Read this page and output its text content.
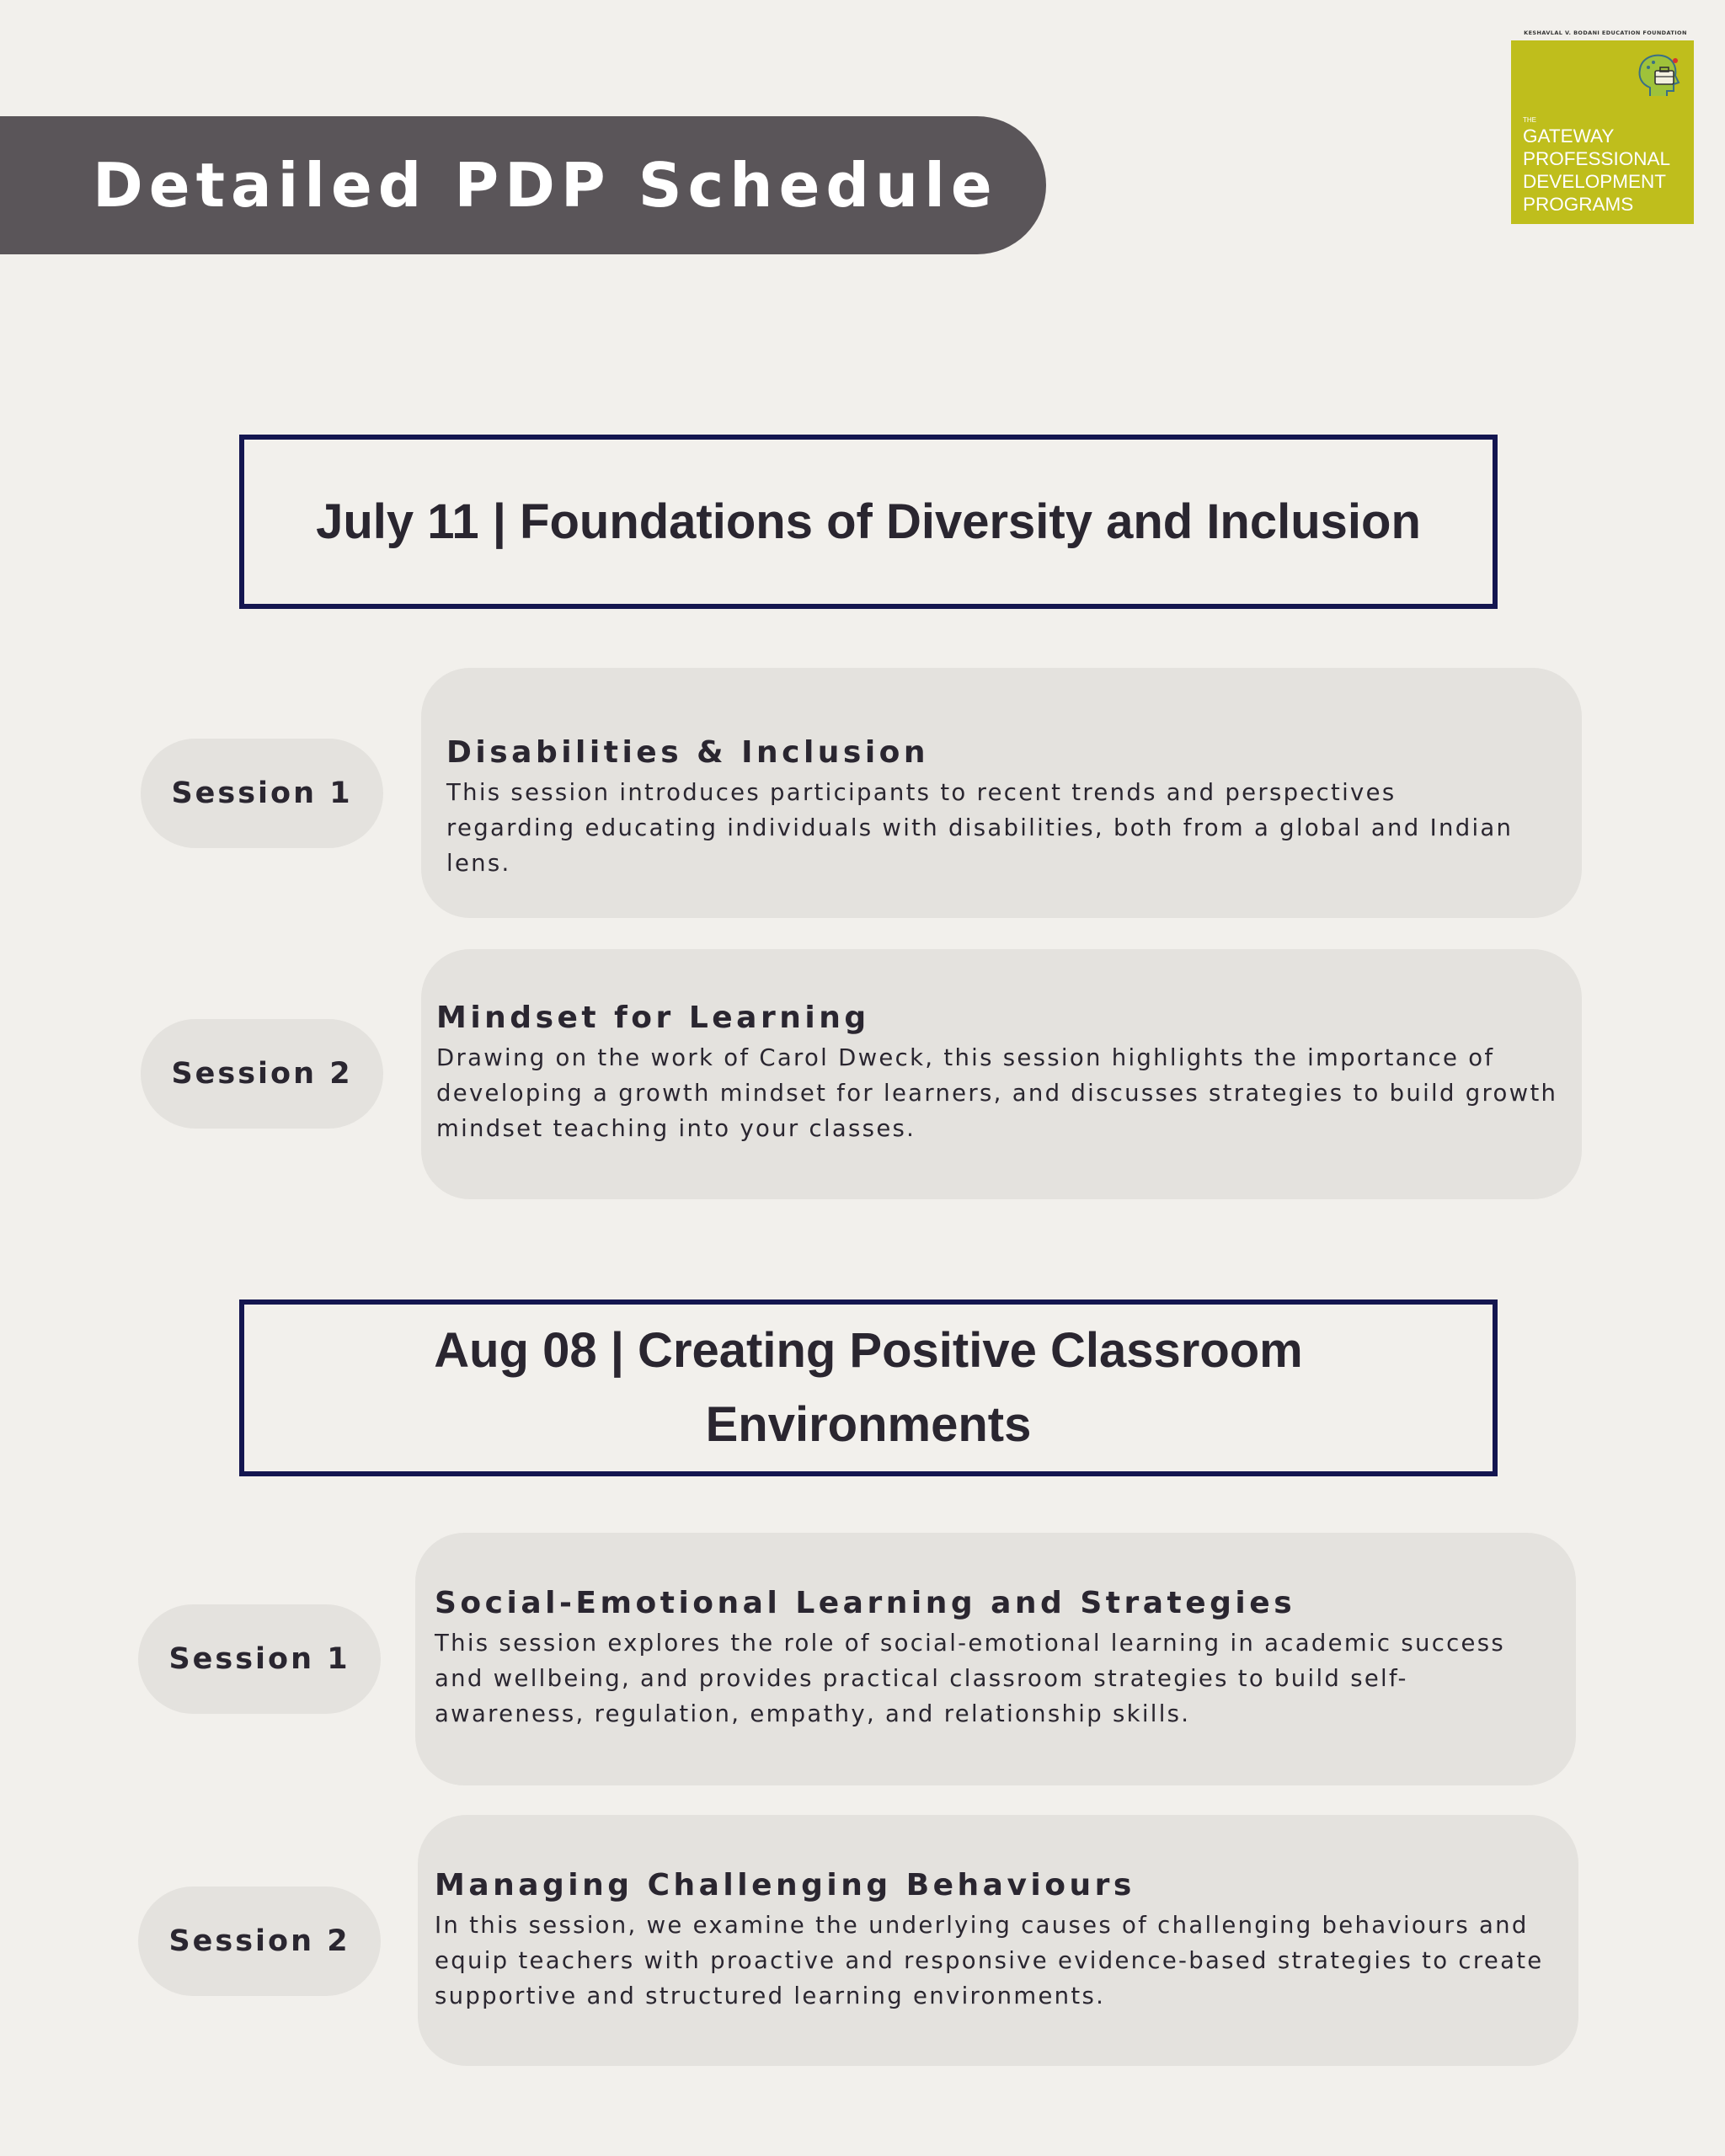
Detailed PDP Schedule
KESHAVLAL V. BODANI EDUCATION FOUNDATION
THE
GATEWAY
PROFESSIONAL
DEVELOPMENT
PROGRAMS
July 11 | Foundations of Diversity and Inclusion
Session 1
Disabilities & Inclusion

This session introduces participants to recent trends and perspectives regarding educating individuals with disabilities, both from a global and Indian lens.

Session 2
Mindset for Learning

Drawing on the work of Carol Dweck, this session highlights the importance of developing a growth mindset for learners, and discusses strategies to build growth mindset teaching into your classes.

Aug 08 | Creating Positive Classroom Environments
Session 1
Social-Emotional Learning and Strategies

This session explores the role of social-emotional learning in academic success and wellbeing, and provides practical classroom strategies to build self-awareness, regulation, empathy, and relationship skills.

Session 2
Managing Challenging Behaviours

In this session, we examine the underlying causes of challenging behaviours and equip teachers with proactive and responsive evidence-based strategies to create supportive and structured learning environments.
